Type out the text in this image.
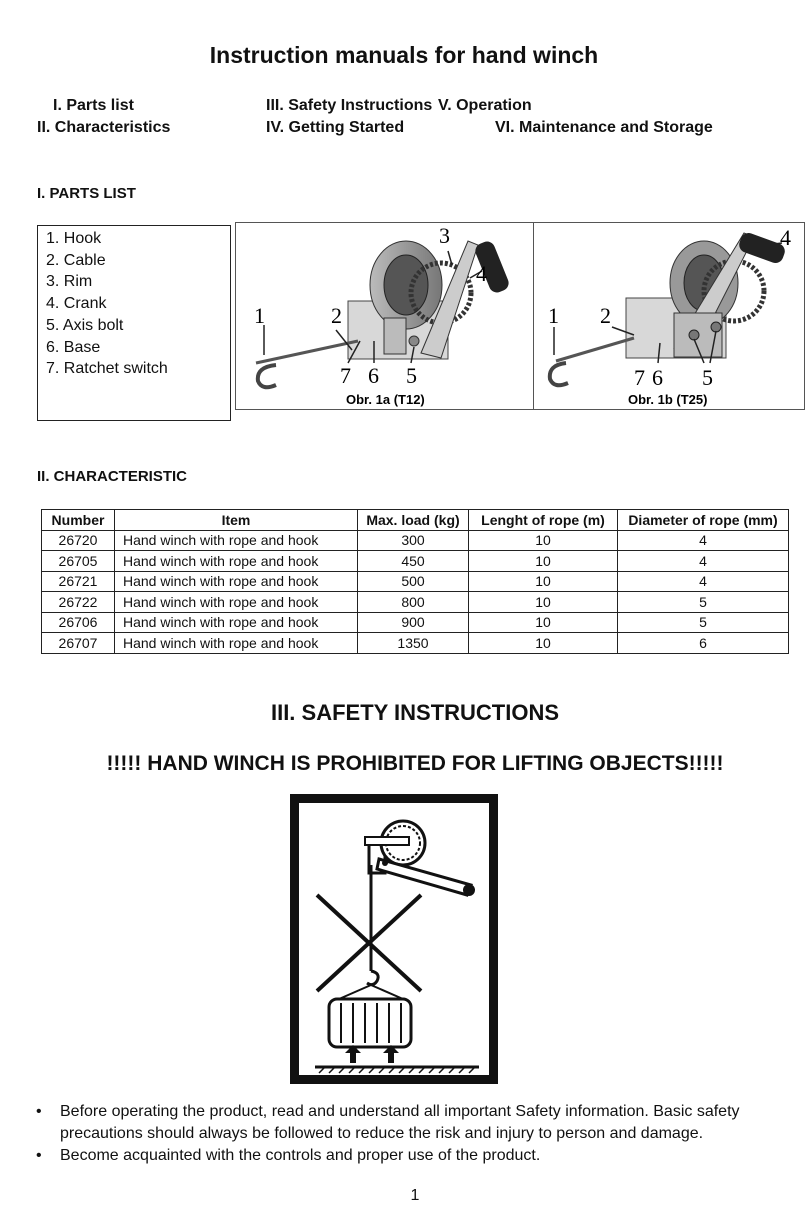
Instruction manuals for hand winch
I. Parts list
II. Characteristics
III. Safety Instructions
IV. Getting Started
V. Operation
VI. Maintenance and Storage
I. PARTS LIST
1. Hook
2. Cable
3. Rim
4. Crank
5. Axis bolt
6. Base
7. Ratchet switch
1	2
3
4
5
6
7
Obr. 1a (T12)
1 2
4
5
6
7
Obr. 1b (T25)
II. CHARACTERISTIC
Number	Item	Max. load (kg)	Lenght of rope (m)	Diameter of rope (mm)
26720	Hand winch with rope and hook	300	10	4
26705	Hand winch with rope and hook	450	10	4
26721	Hand winch with rope and hook	500	10	4
26722	Hand winch with rope and hook	800	10	5
26706	Hand winch with rope and hook	900	10	5
26707	Hand winch with rope and hook	1350	10	6
III. SAFETY INSTRUCTIONS
!!!!! HAND WINCH IS PROHIBITED FOR LIFTING OBJECTS!!!!!
• Before operating the product, read and understand all important Safety information. Basic safety precautions should always be followed to reduce the risk and injury to person and damage.
• Become acquainted with the controls and proper use of the product.
1
